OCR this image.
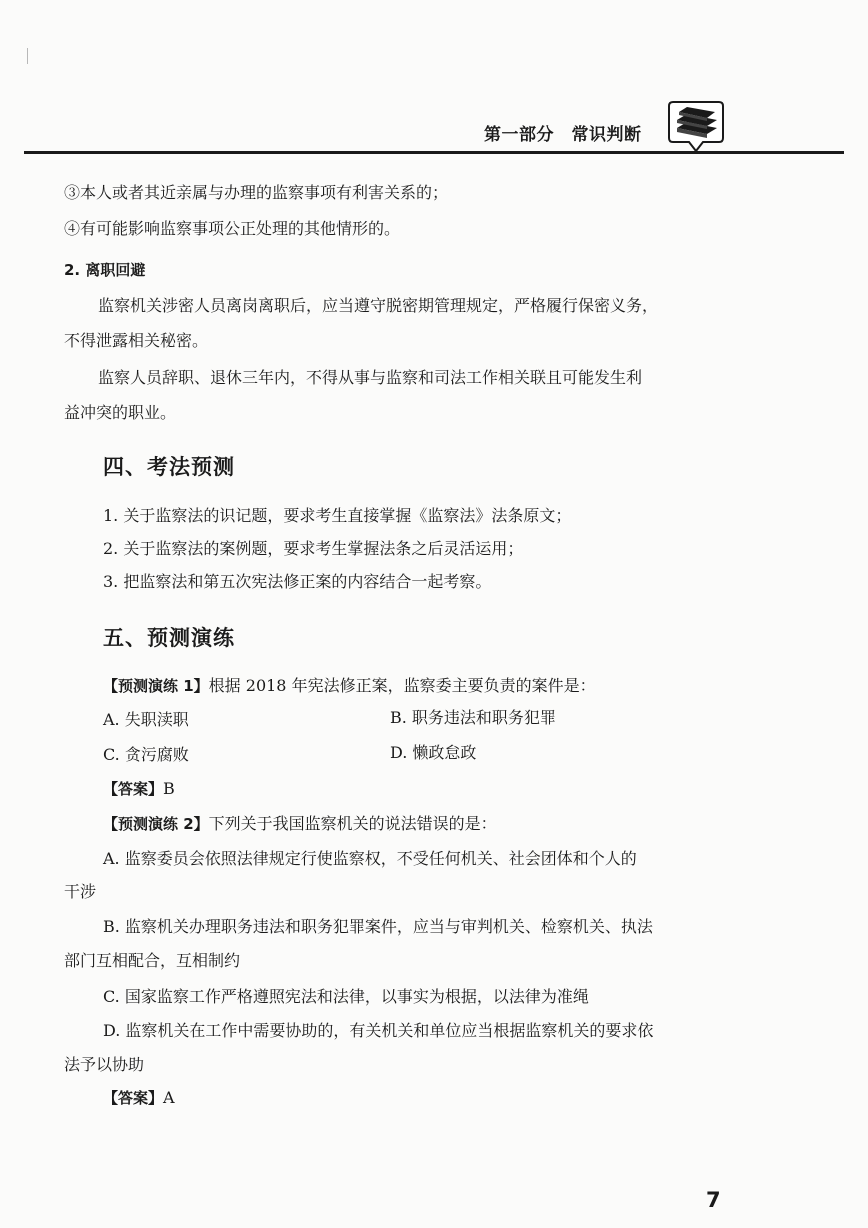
第一部分　常识判断
③本人或者其近亲属与办理的监察事项有利害关系的；
④有可能影响监察事项公正处理的其他情形的。
2. 离职回避
监察机关涉密人员离岗离职后，应当遵守脱密期管理规定，严格履行保密义务，
不得泄露相关秘密。
监察人员辞职、退休三年内，不得从事与监察和司法工作相关联且可能发生利
益冲突的职业。
四、考法预测
1. 关于监察法的识记题，要求考生直接掌握《监察法》法条原文；
2. 关于监察法的案例题，要求考生掌握法条之后灵活运用；
3. 把监察法和第五次宪法修正案的内容结合一起考察。
五、预测演练
【预测演练 1】根据 2018 年宪法修正案，监察委主要负责的案件是：
A. 失职渎职	B. 职务违法和职务犯罪
C. 贪污腐败	D. 懒政怠政
【答案】B
【预测演练 2】下列关于我国监察机关的说法错误的是：
A. 监察委员会依照法律规定行使监察权，不受任何机关、社会团体和个人的
干涉
B. 监察机关办理职务违法和职务犯罪案件，应当与审判机关、检察机关、执法
部门互相配合，互相制约
C. 国家监察工作严格遵照宪法和法律，以事实为根据，以法律为准绳
D. 监察机关在工作中需要协助的，有关机关和单位应当根据监察机关的要求依
法予以协助
【答案】A
7
